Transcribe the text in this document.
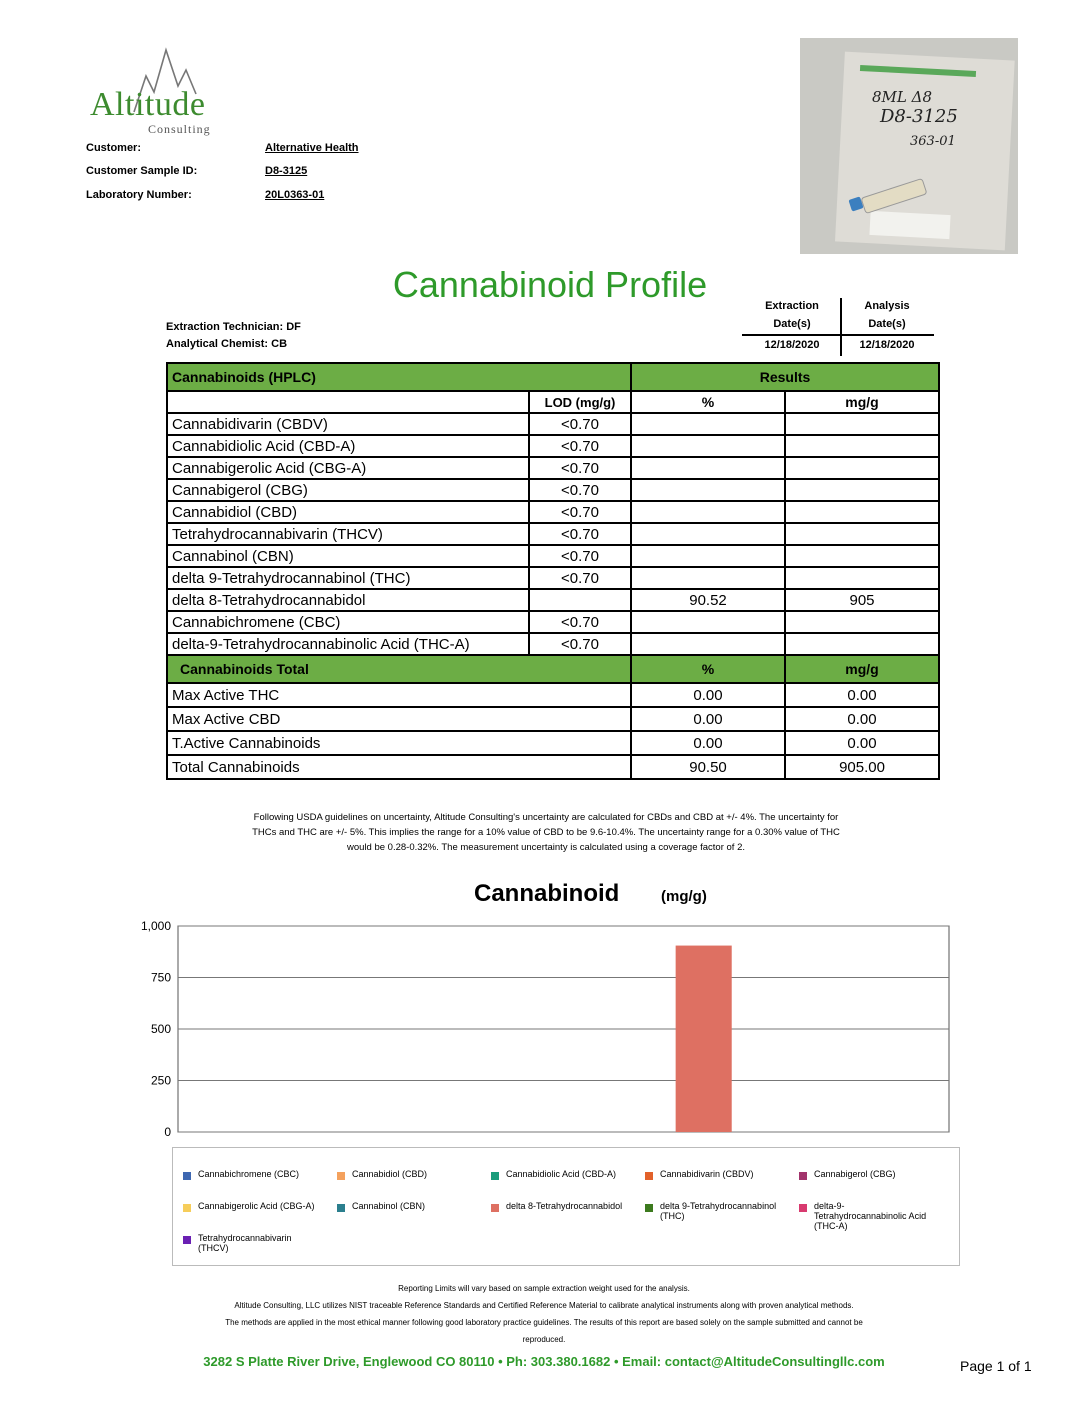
Altitude
Consulting
Customer:	Alternative Health
Customer Sample ID:	D8-3125
Laboratory Number:	20L0363-01
8ML Δ8
D8-3125
363-01
Cannabinoid Profile
Extraction Technician: DF
Analytical Chemist: CB
Extraction
Date(s)
Analysis
Date(s)
12/18/2020	12/18/2020
Cannabinoids (HPLC)		Results	
	LOD (mg/g)	%	mg/g
Cannabidivarin (CBDV)	<0.70		
Cannabidiolic Acid (CBD-A)	<0.70		
Cannabigerolic Acid (CBG-A)	<0.70		
Cannabigerol (CBG)	<0.70		
Cannabidiol (CBD)	<0.70		
Tetrahydrocannabivarin (THCV)	<0.70		
Cannabinol (CBN)	<0.70		
delta 9-Tetrahydrocannabinol (THC)	<0.70		
delta 8-Tetrahydrocannabidol		90.52	905
Cannabichromene (CBC)	<0.70		
delta-9-Tetrahydrocannabinolic Acid (THC-A)	<0.70		
Cannabinoids Total		%	mg/g
Max Active THC		0.00	0.00
Max Active CBD		0.00	0.00
T.Active Cannabinoids		0.00	0.00
Total Cannabinoids		90.50	905.00
Following USDA guidelines on uncertainty, Altitude Consulting's uncertainty are calculated for CBDs and CBD at +/- 4%. The uncertainty for
THCs and THC are +/- 5%. This implies the range for a 10% value of CBD to be 9.6-10.4%. The uncertainty range for a 0.30% value of THC
would be 0.28-0.32%. The measurement uncertainty is calculated using a coverage factor of 2.
Cannabinoid	(mg/g)
1,000
750
500
250
0
Cannabichromene (CBC)	Cannabidiol (CBD)	Cannabidiolic Acid (CBD-A)	Cannabidivarin (CBDV)	Cannabigerol (CBG)
Cannabigerolic Acid (CBG-A)	Cannabinol (CBN)	delta 8-Tetrahydrocannabidol	delta 9-Tetrahydrocannabinol (THC)
delta-9-Tetrahydrocannabinolic Acid (THC-A)
Tetrahydrocannabivarin (THCV)
Reporting Limits will vary based on sample extraction weight used for the analysis.
Altitude Consulting, LLC utilizes NIST traceable Reference Standards and Certified Reference Material to calibrate analytical instruments along with proven analytical methods.
The methods are applied in the most ethical manner following good laboratory practice guidelines. The results of this report are based solely on the sample submitted and cannot be
reproduced.
3282 S Platte River Drive, Englewood CO 80110 • Ph: 303.380.1682 • Email: contact@AltitudeConsultingllc.com	Page 1 of 1
